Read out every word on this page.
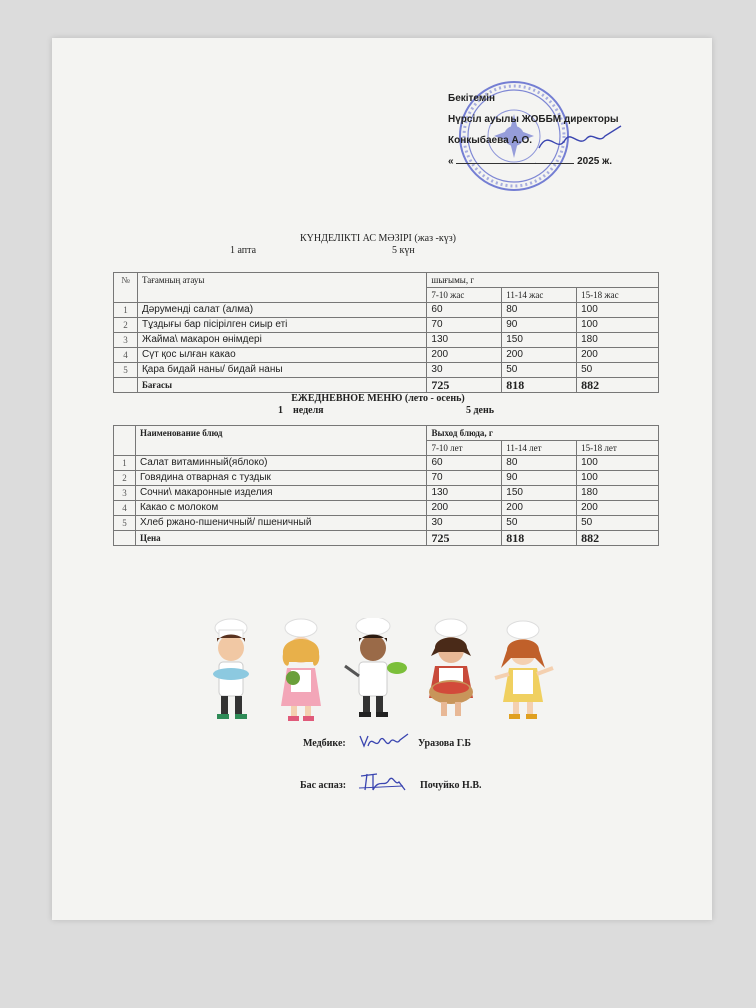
Бекітемін
Нүрсіл ауылы ЖОББМ директоры
Конкыбаева А.О.
«	2025 ж.
КҮНДЕЛІКТІ АС МӘЗІРІ (жаз -күз)
1 апта	5 күн
№	Тағамның атауы	шығымы, г		
		7-10 жас	11-14 жас	15-18 жас
1	Дәруменді салат (алма)	60	80	100
2	Тұздығы бар пісірілген сиыр еті	70	90	100
3	Жайма\ макарон өнімдері	130	150	180
4	Сүт қос ылған какао	200	200	200
5	Қара бидай наны/ бидай наны	30	50	50
	Бағасы	725	818	882
ЕЖЕДНЕВНОЕ МЕНЮ (лето - осень)
1    неделя	5 день
	Наименование блюд	Выход блюда, г		
		7-10 лет	11-14 лет	15-18 лет
1	Салат витаминный(яблоко)	60	80	100
2	Говядина отварная с туздык	70	90	100
3	Сочни\ макаронные изделия	130	150	180
4	Какао с молоком	200	200	200
5	Хлеб ржано-пшеничный/ пшеничный	30	50	50
	Цена	725	818	882
Медбике:	Уразова Г.Б
Бас аспаз:	Почуйко Н.В.
